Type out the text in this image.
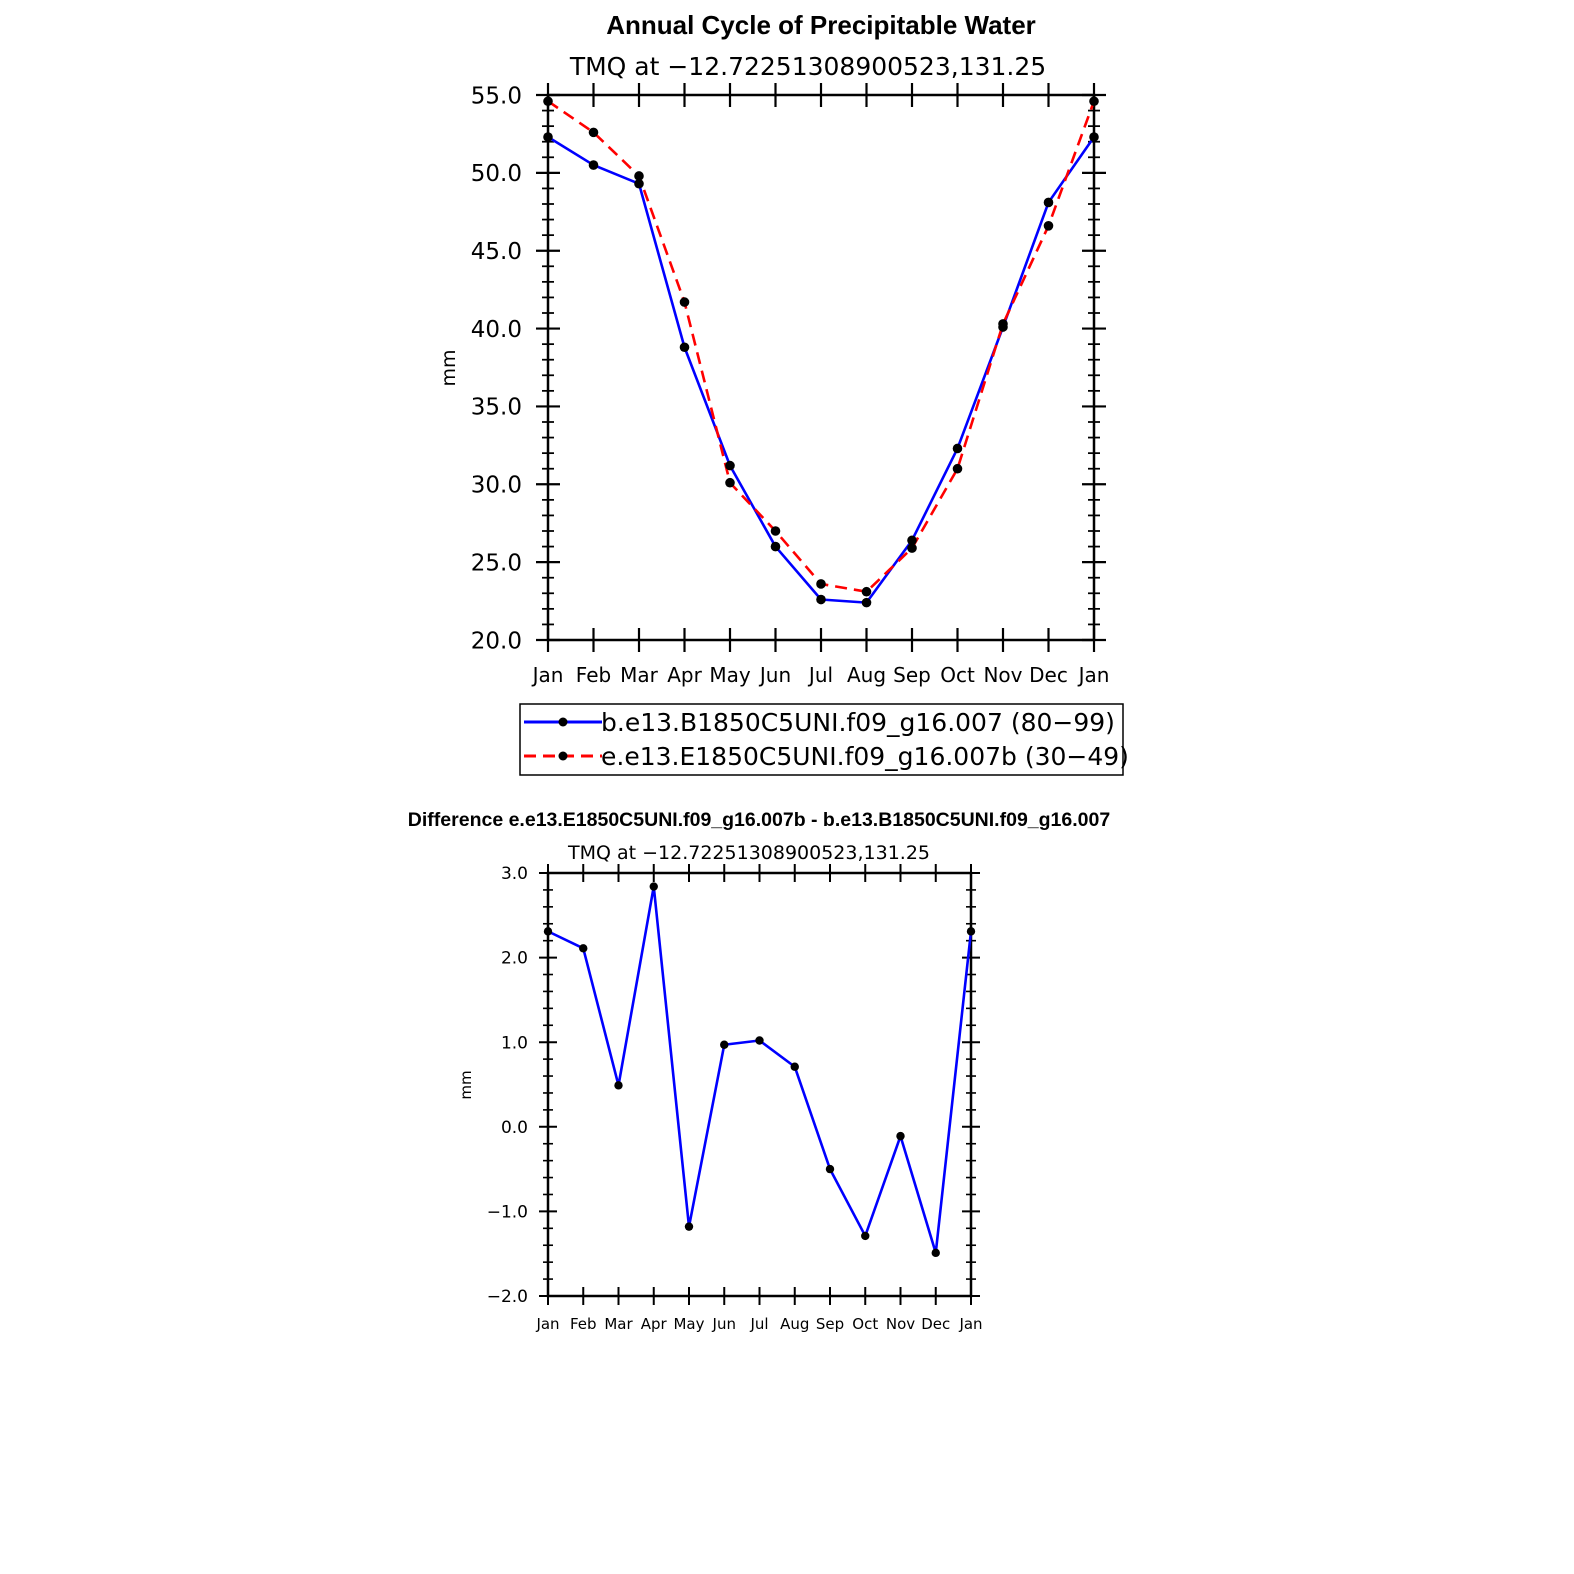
Annual Cycle of Precipitable Water
TMQ at −12.72251308900523,131.25
mm
Jan Feb Mar Apr May Jun Jul Aug Sep Oct Nov Dec Jan
20.0
25.0
30.0
35.0
40.0
45.0
50.0
55.0
b.e13.B1850C5UNI.f09_g16.007 (80−99)
e.e13.E1850C5UNI.f09_g16.007b (30−49)
Difference e.e13.E1850C5UNI.f09_g16.007b - b.e13.B1850C5UNI.f09_g16.007
TMQ at −12.72251308900523,131.25
mm
Jan Feb Mar Apr May Jun Jul Aug Sep Oct Nov Dec Jan
−2.0
−1.0
0.0
1.0
2.0
3.0
